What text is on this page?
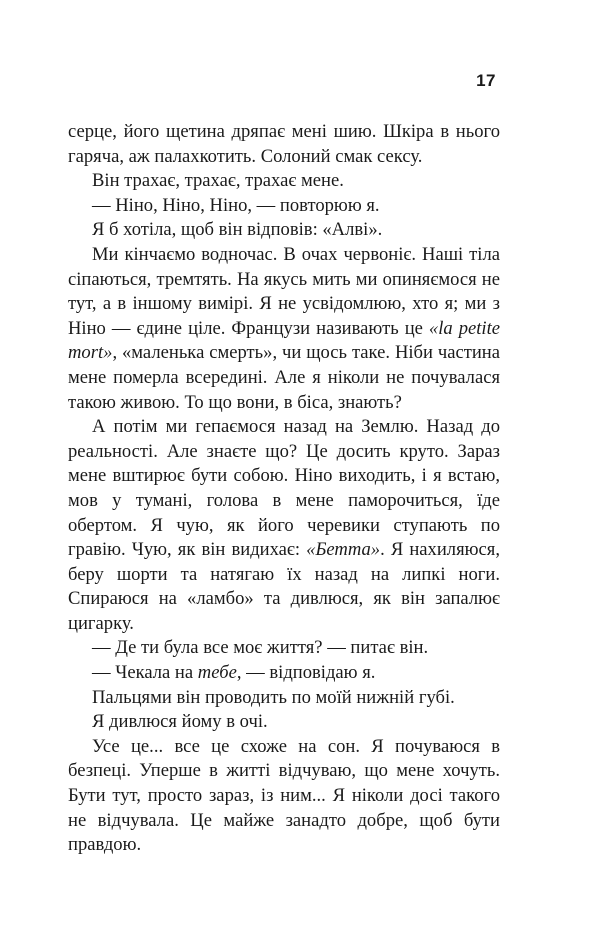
17

серце, його щетина дряпає мені шию. Шкіра в нього гаряча, аж палахкотить. Солоний смак сексу.

Він трахає, трахає, трахає мене.

— Ніно, Ніно, Ніно, — повторюю я.

Я б хотіла, щоб він відповів: «Алві».

Ми кінчаємо водночас. В очах червоніє. Наші тіла сіпаються, тремтять. На якусь мить ми опиняємося не тут, а в іншому вимірі. Я не усвідомлюю, хто я; ми з Ніно — єдине ціле. Французи називають це «la petite mort», «маленька смерть», чи щось таке. Ніби частина мене померла всередині. Але я ніколи не почувалася такою живою. То що вони, в біса, знають?

А потім ми гепаємося назад на Землю. Назад до реальності. Але знаєте що? Це досить круто. Зараз мене вштирює бути собою. Ніно виходить, і я встаю, мов у тумані, голова в мене паморочиться, їде обертом. Я чую, як його черевики ступають по гравію. Чую, як він видихає: «Бетта». Я нахиляюся, беру шорти та натягаю їх назад на липкі ноги. Спираюся на «ламбо» та дивлюся, як він запалює цигарку.

— Де ти була все моє життя? — питає він.

— Чекала на тебе, — відповідаю я.

Пальцями він проводить по моїй нижній губі.

Я дивлюся йому в очі.

Усе це... все це схоже на сон. Я почуваюся в безпеці. Уперше в житті відчуваю, що мене хочуть. Бути тут, просто зараз, із ним... Я ніколи досі такого не відчувала. Це майже занадто добре, щоб бути правдою.
